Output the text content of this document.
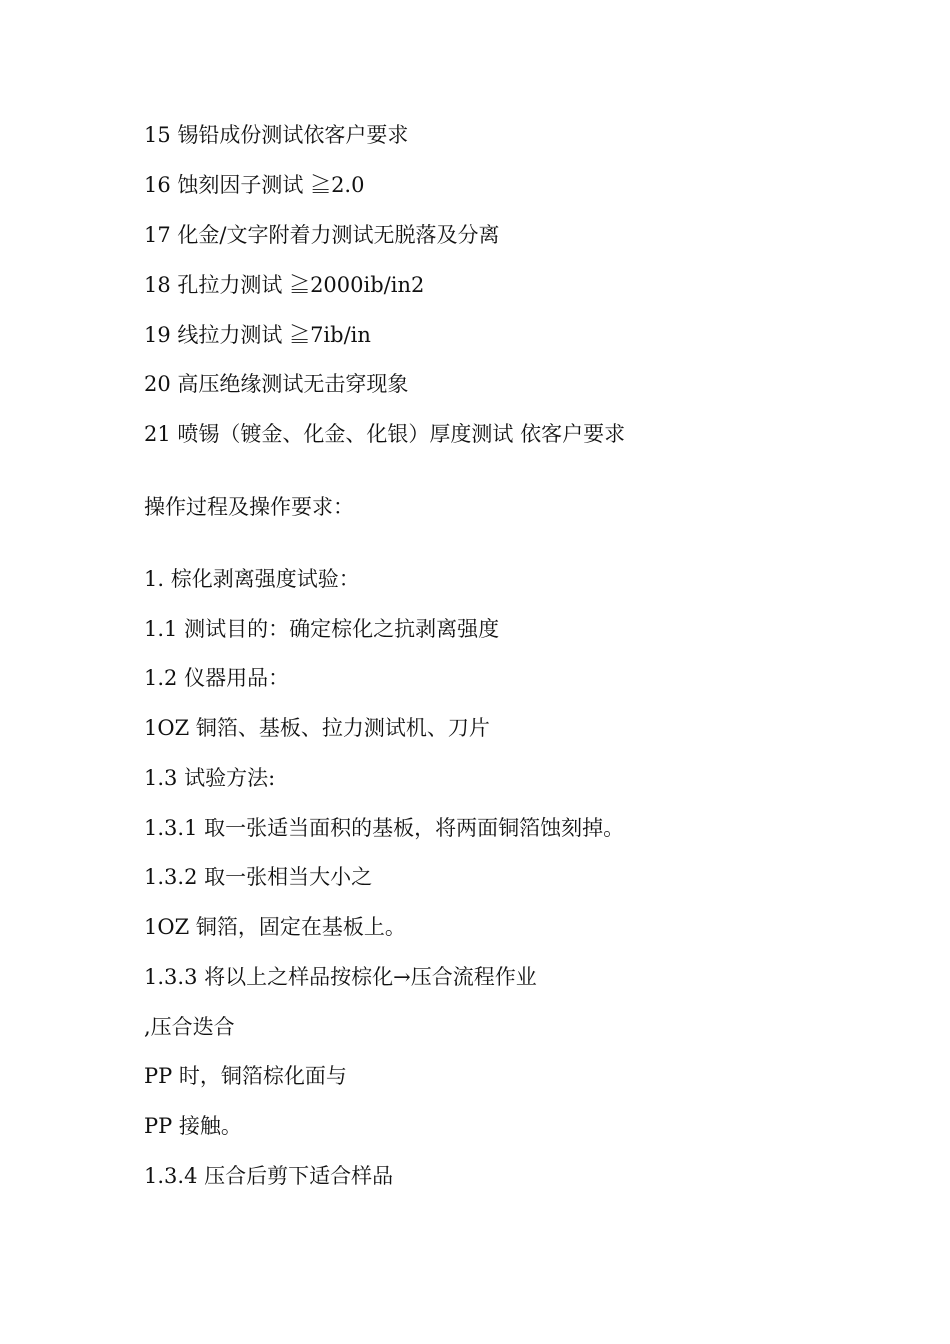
15 锡铅成份测试依客户要求
16 蚀刻因子测试 ≧2.0
17 化金/文字附着力测试无脱落及分离
18 孔拉力测试 ≧2000ib/in2
19 线拉力测试 ≧7ib/in
20 高压绝缘测试无击穿现象
21 喷锡（镀金、化金、化银）厚度测试 依客户要求
操作过程及操作要求：
1. 棕化剥离强度试验：
1.1 测试目的：确定棕化之抗剥离强度
1.2 仪器用品：
1OZ 铜箔、基板、拉力测试机、刀片
1.3 试验方法:
1.3.1 取一张适当面积的基板，将两面铜箔蚀刻掉。
1.3.2 取一张相当大小之
1OZ 铜箔，固定在基板上。
1.3.3 将以上之样品按棕化→压合流程作业
,压合迭合
PP 时，铜箔棕化面与
PP 接触。
1.3.4 压合后剪下适合样品
